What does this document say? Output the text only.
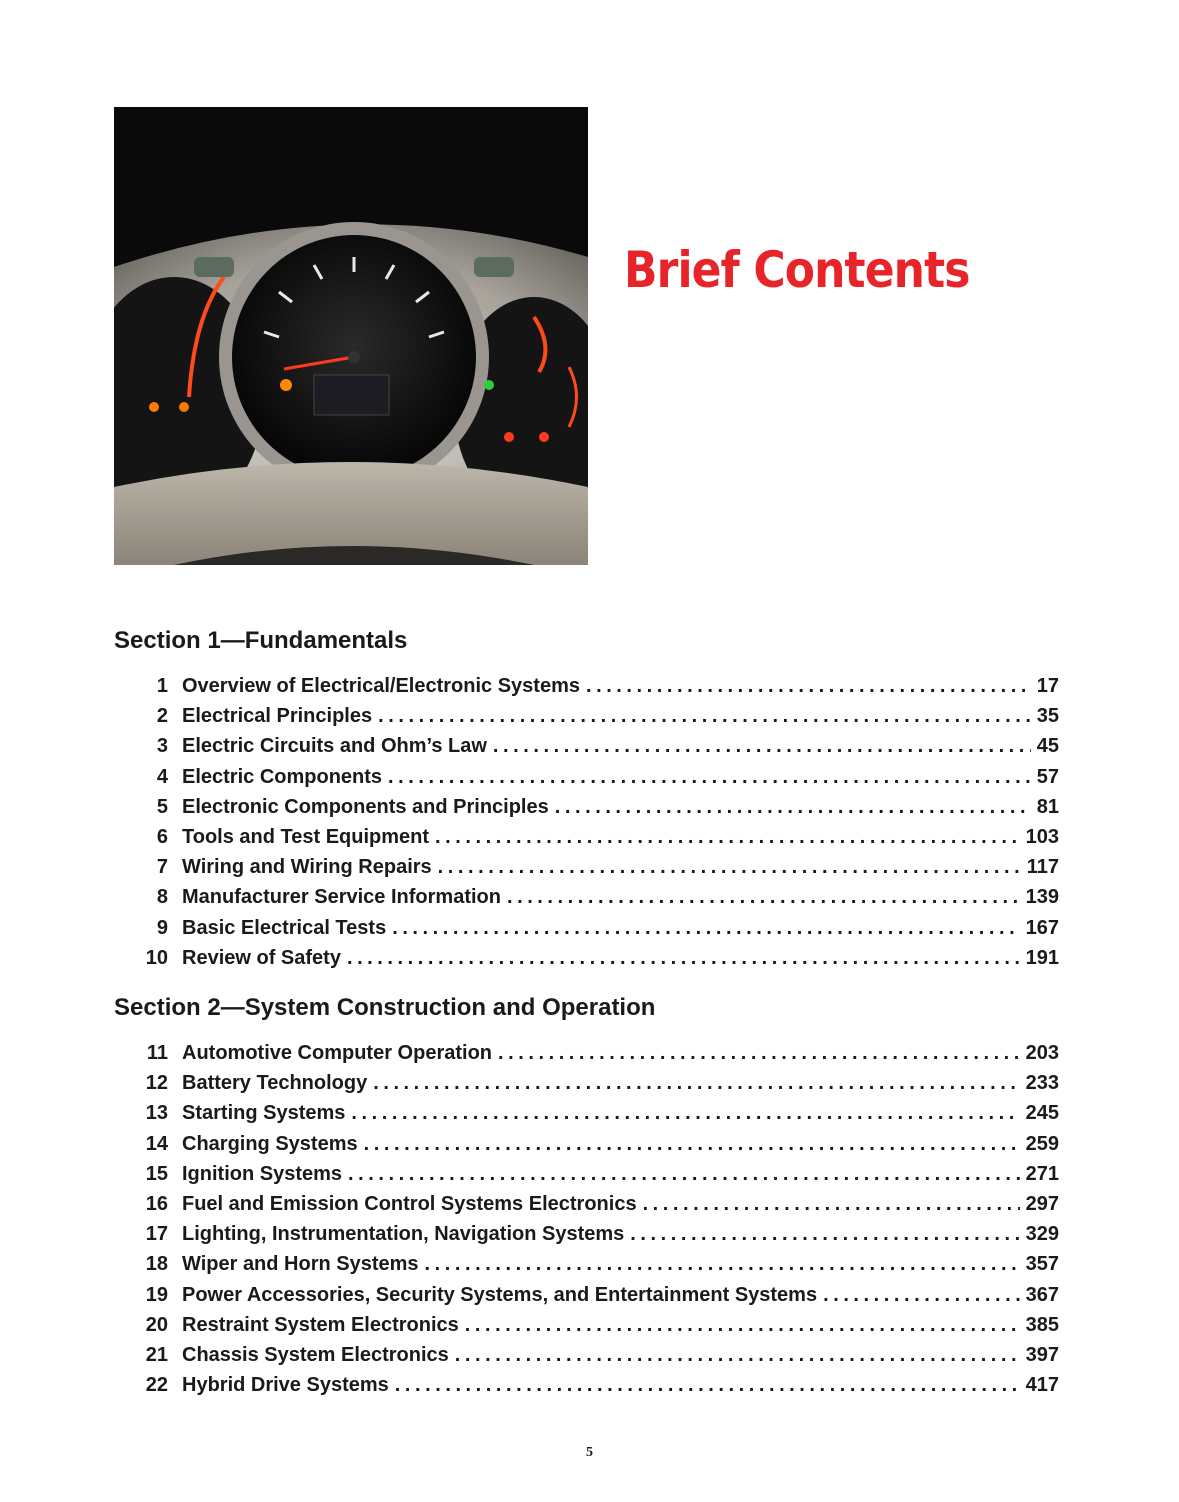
Brief Contents
Section 1—Fundamentals
1 Overview of Electrical/Electronic Systems . . .	17
2 Electrical Principles . . .	35
3 Electric Circuits and Ohm’s Law . . .	45
4 Electric Components . . .	57
5 Electronic Components and Principles . . .	81
6 Tools and Test Equipment . . .	103
7 Wiring and Wiring Repairs . . .	117
8 Manufacturer Service Information . . .	139
9 Basic Electrical Tests . . .	167
10 Review of Safety . . .	191
Section 2—System Construction and Operation
11 Automotive Computer Operation . . .	203
12 Battery Technology . . .	233
13 Starting Systems . . .	245
14 Charging Systems . . .	259
15 Ignition Systems . . .	271
16 Fuel and Emission Control Systems Electronics . . .	297
17 Lighting, Instrumentation, Navigation Systems . . .	329
18 Wiper and Horn Systems . . .	357
19 Power Accessories, Security Systems, and Entertainment Systems . . .	367
20 Restraint System Electronics . . .	385
21 Chassis System Electronics . . .	397
22 Hybrid Drive Systems . . .	417
5
